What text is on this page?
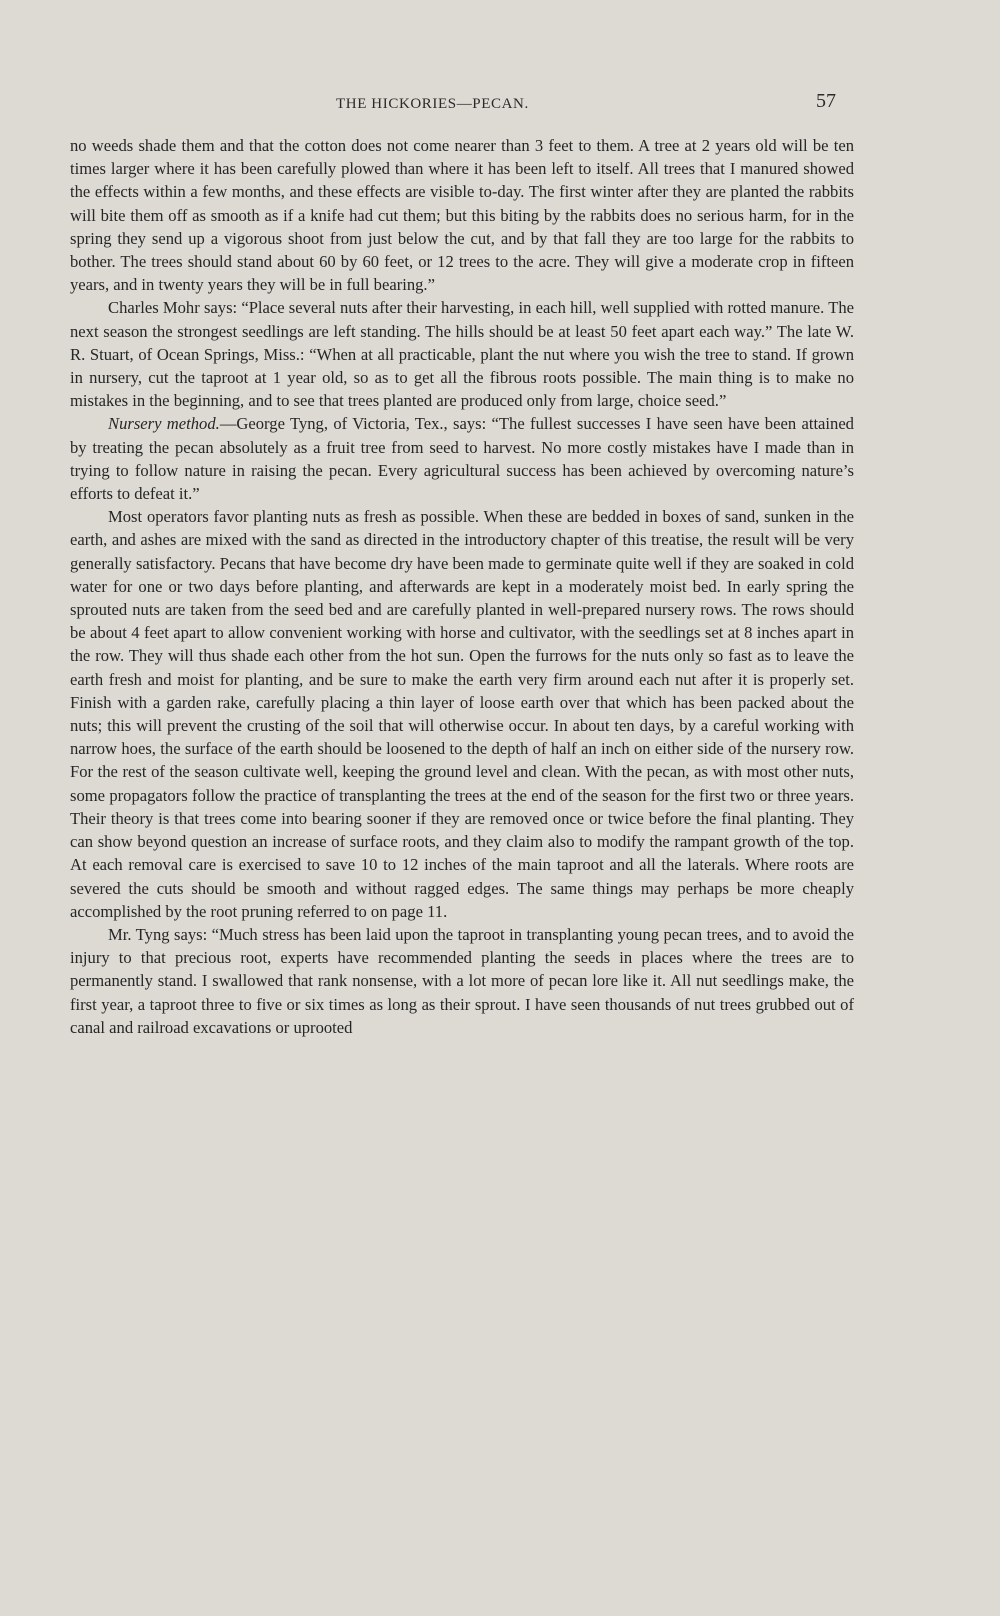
THE HICKORIES—PECAN.	57

no weeds shade them and that the cotton does not come nearer than 3 feet to them. A tree at 2 years old will be ten times larger where it has been carefully plowed than where it has been left to itself. All trees that I manured showed the effects within a few months, and these effects are visible to-day. The first winter after they are planted the rabbits will bite them off as smooth as if a knife had cut them; but this biting by the rabbits does no serious harm, for in the spring they send up a vigorous shoot from just below the cut, and by that fall they are too large for the rabbits to bother. The trees should stand about 60 by 60 feet, or 12 trees to the acre. They will give a moderate crop in fifteen years, and in twenty years they will be in full bearing.”

Charles Mohr says: “Place several nuts after their harvesting, in each hill, well supplied with rotted manure. The next season the strongest seedlings are left standing. The hills should be at least 50 feet apart each way.” The late W. R. Stuart, of Ocean Springs, Miss.: “When at all practicable, plant the nut where you wish the tree to stand. If grown in nursery, cut the taproot at 1 year old, so as to get all the fibrous roots possible. The main thing is to make no mistakes in the beginning, and to see that trees planted are produced only from large, choice seed.”

Nursery method.—George Tyng, of Victoria, Tex., says: “The fullest successes I have seen have been attained by treating the pecan absolutely as a fruit tree from seed to harvest. No more costly mistakes have I made than in trying to follow nature in raising the pecan. Every agricultural success has been achieved by overcoming nature’s efforts to defeat it.”

Most operators favor planting nuts as fresh as possible. When these are bedded in boxes of sand, sunken in the earth, and ashes are mixed with the sand as directed in the introductory chapter of this treatise, the result will be very generally satisfactory. Pecans that have become dry have been made to germinate quite well if they are soaked in cold water for one or two days before planting, and afterwards are kept in a moderately moist bed. In early spring the sprouted nuts are taken from the seed bed and are carefully planted in well-prepared nursery rows. The rows should be about 4 feet apart to allow convenient working with horse and cultivator, with the seedlings set at 8 inches apart in the row. They will thus shade each other from the hot sun. Open the furrows for the nuts only so fast as to leave the earth fresh and moist for planting, and be sure to make the earth very firm around each nut after it is properly set. Finish with a garden rake, carefully placing a thin layer of loose earth over that which has been packed about the nuts; this will prevent the crusting of the soil that will otherwise occur. In about ten days, by a careful working with narrow hoes, the surface of the earth should be loosened to the depth of half an inch on either side of the nursery row. For the rest of the season cultivate well, keeping the ground level and clean. With the pecan, as with most other nuts, some propagators follow the practice of transplanting the trees at the end of the season for the first two or three years. Their theory is that trees come into bearing sooner if they are removed once or twice before the final planting. They can show beyond question an increase of surface roots, and they claim also to modify the rampant growth of the top. At each removal care is exercised to save 10 to 12 inches of the main taproot and all the laterals. Where roots are severed the cuts should be smooth and without ragged edges. The same things may perhaps be more cheaply accomplished by the root pruning referred to on page 11.

Mr. Tyng says: “Much stress has been laid upon the taproot in transplanting young pecan trees, and to avoid the injury to that precious root, experts have recommended planting the seeds in places where the trees are to permanently stand. I swallowed that rank nonsense, with a lot more of pecan lore like it. All nut seedlings make, the first year, a taproot three to five or six times as long as their sprout. I have seen thousands of nut trees grubbed out of canal and railroad excavations or uprooted
